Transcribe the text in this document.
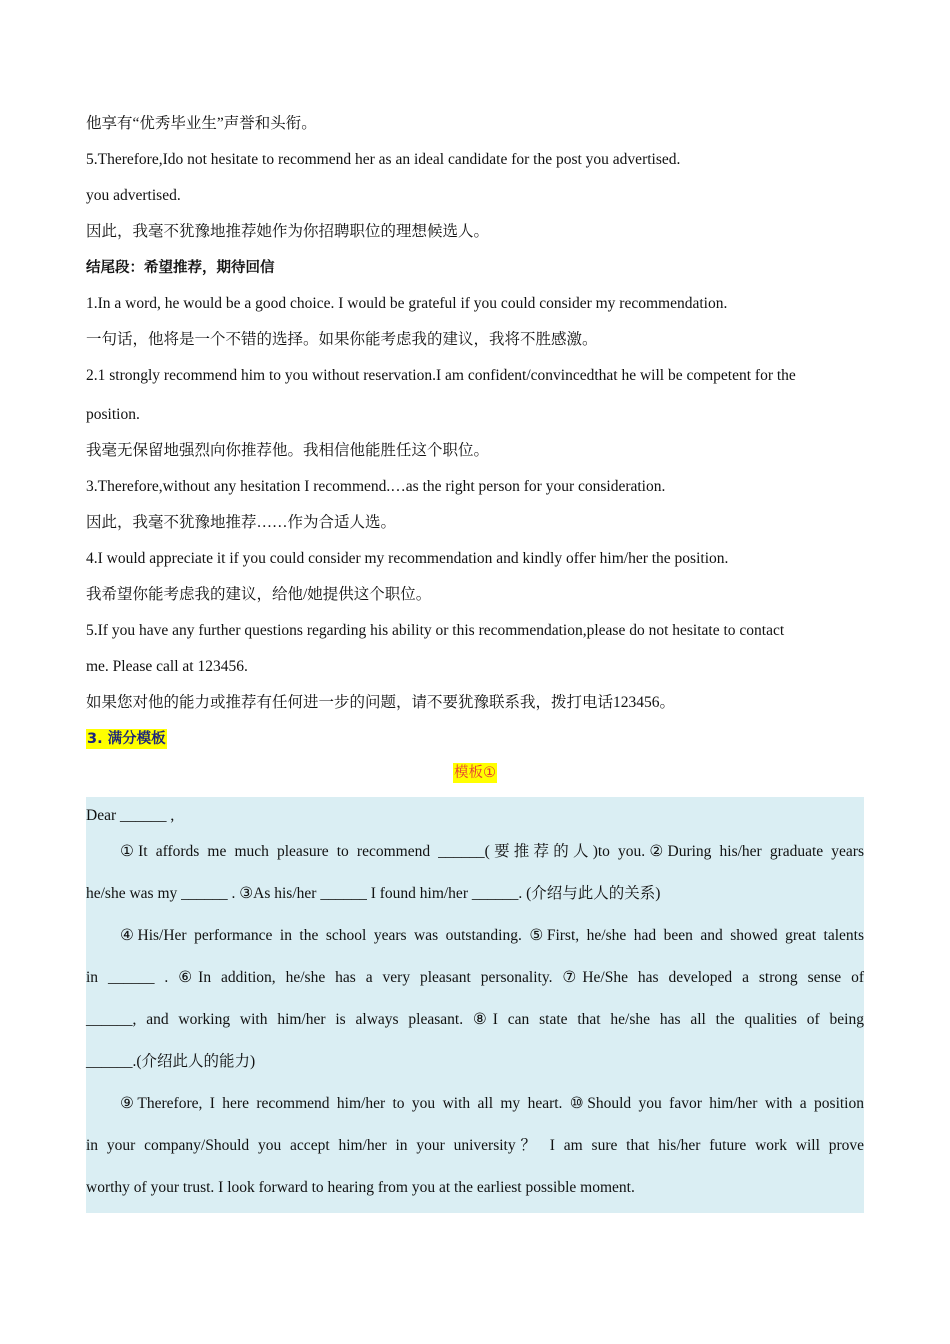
他享有“优秀毕业生”声誉和头衔。

5.Therefore,Ido not hesitate to recommend her as an ideal candidate for the post you advertised.

you advertised.

因此，我毫不犹豫地推荐她作为你招聘职位的理想候选人。

结尾段：希望推荐，期待回信

1.In a word, he would be a good choice. I would be grateful if you could consider my recommendation.

一句话，他将是一个不错的选择。如果你能考虑我的建议，我将不胜感激。

2.1 strongly recommend him to you without reservation.I am confident/convincedthat he will be competent for the

position.

我毫无保留地强烈向你推荐他。我相信他能胜任这个职位。

3.Therefore,without any hesitation I recommend.…as the right person for your consideration.

因此，我毫不犹豫地推荐……作为合适人选。

4.I would appreciate it if you could consider my recommendation and kindly offer him/her the position.

我希望你能考虑我的建议，给他/她提供这个职位。

5.If you have any further questions regarding his ability or this recommendation,please do not hesitate to contact

me. Please call at 123456.

如果您对他的能力或推荐有任何进一步的问题，请不要犹豫联系我，拨打电话123456。

3. 满分模板

模板①

Dear ______ ,

①It affords me much pleasure to recommend ______(要推荐的人)to you.②During his/her graduate years

he/she was my ______ . ③As his/her ______ I found him/her ______. (介绍与此人的关系)

④His/Her performance in the school years was outstanding. ⑤First, he/she had been and showed great talents

in ______ . ⑥In addition, he/she has a very pleasant personality. ⑦He/She has developed a strong sense of

______, and working with him/her is always pleasant. ⑧I can state that he/she has all the qualities of being

______.(介绍此人的能力)

⑨Therefore, I here recommend him/her to you with all my heart. ⑩Should you favor him/her with a position

in your company/Should you accept him/her in your university？ I am sure that his/her future work will prove

worthy of your trust. I look forward to hearing from you at the earliest possible moment.
